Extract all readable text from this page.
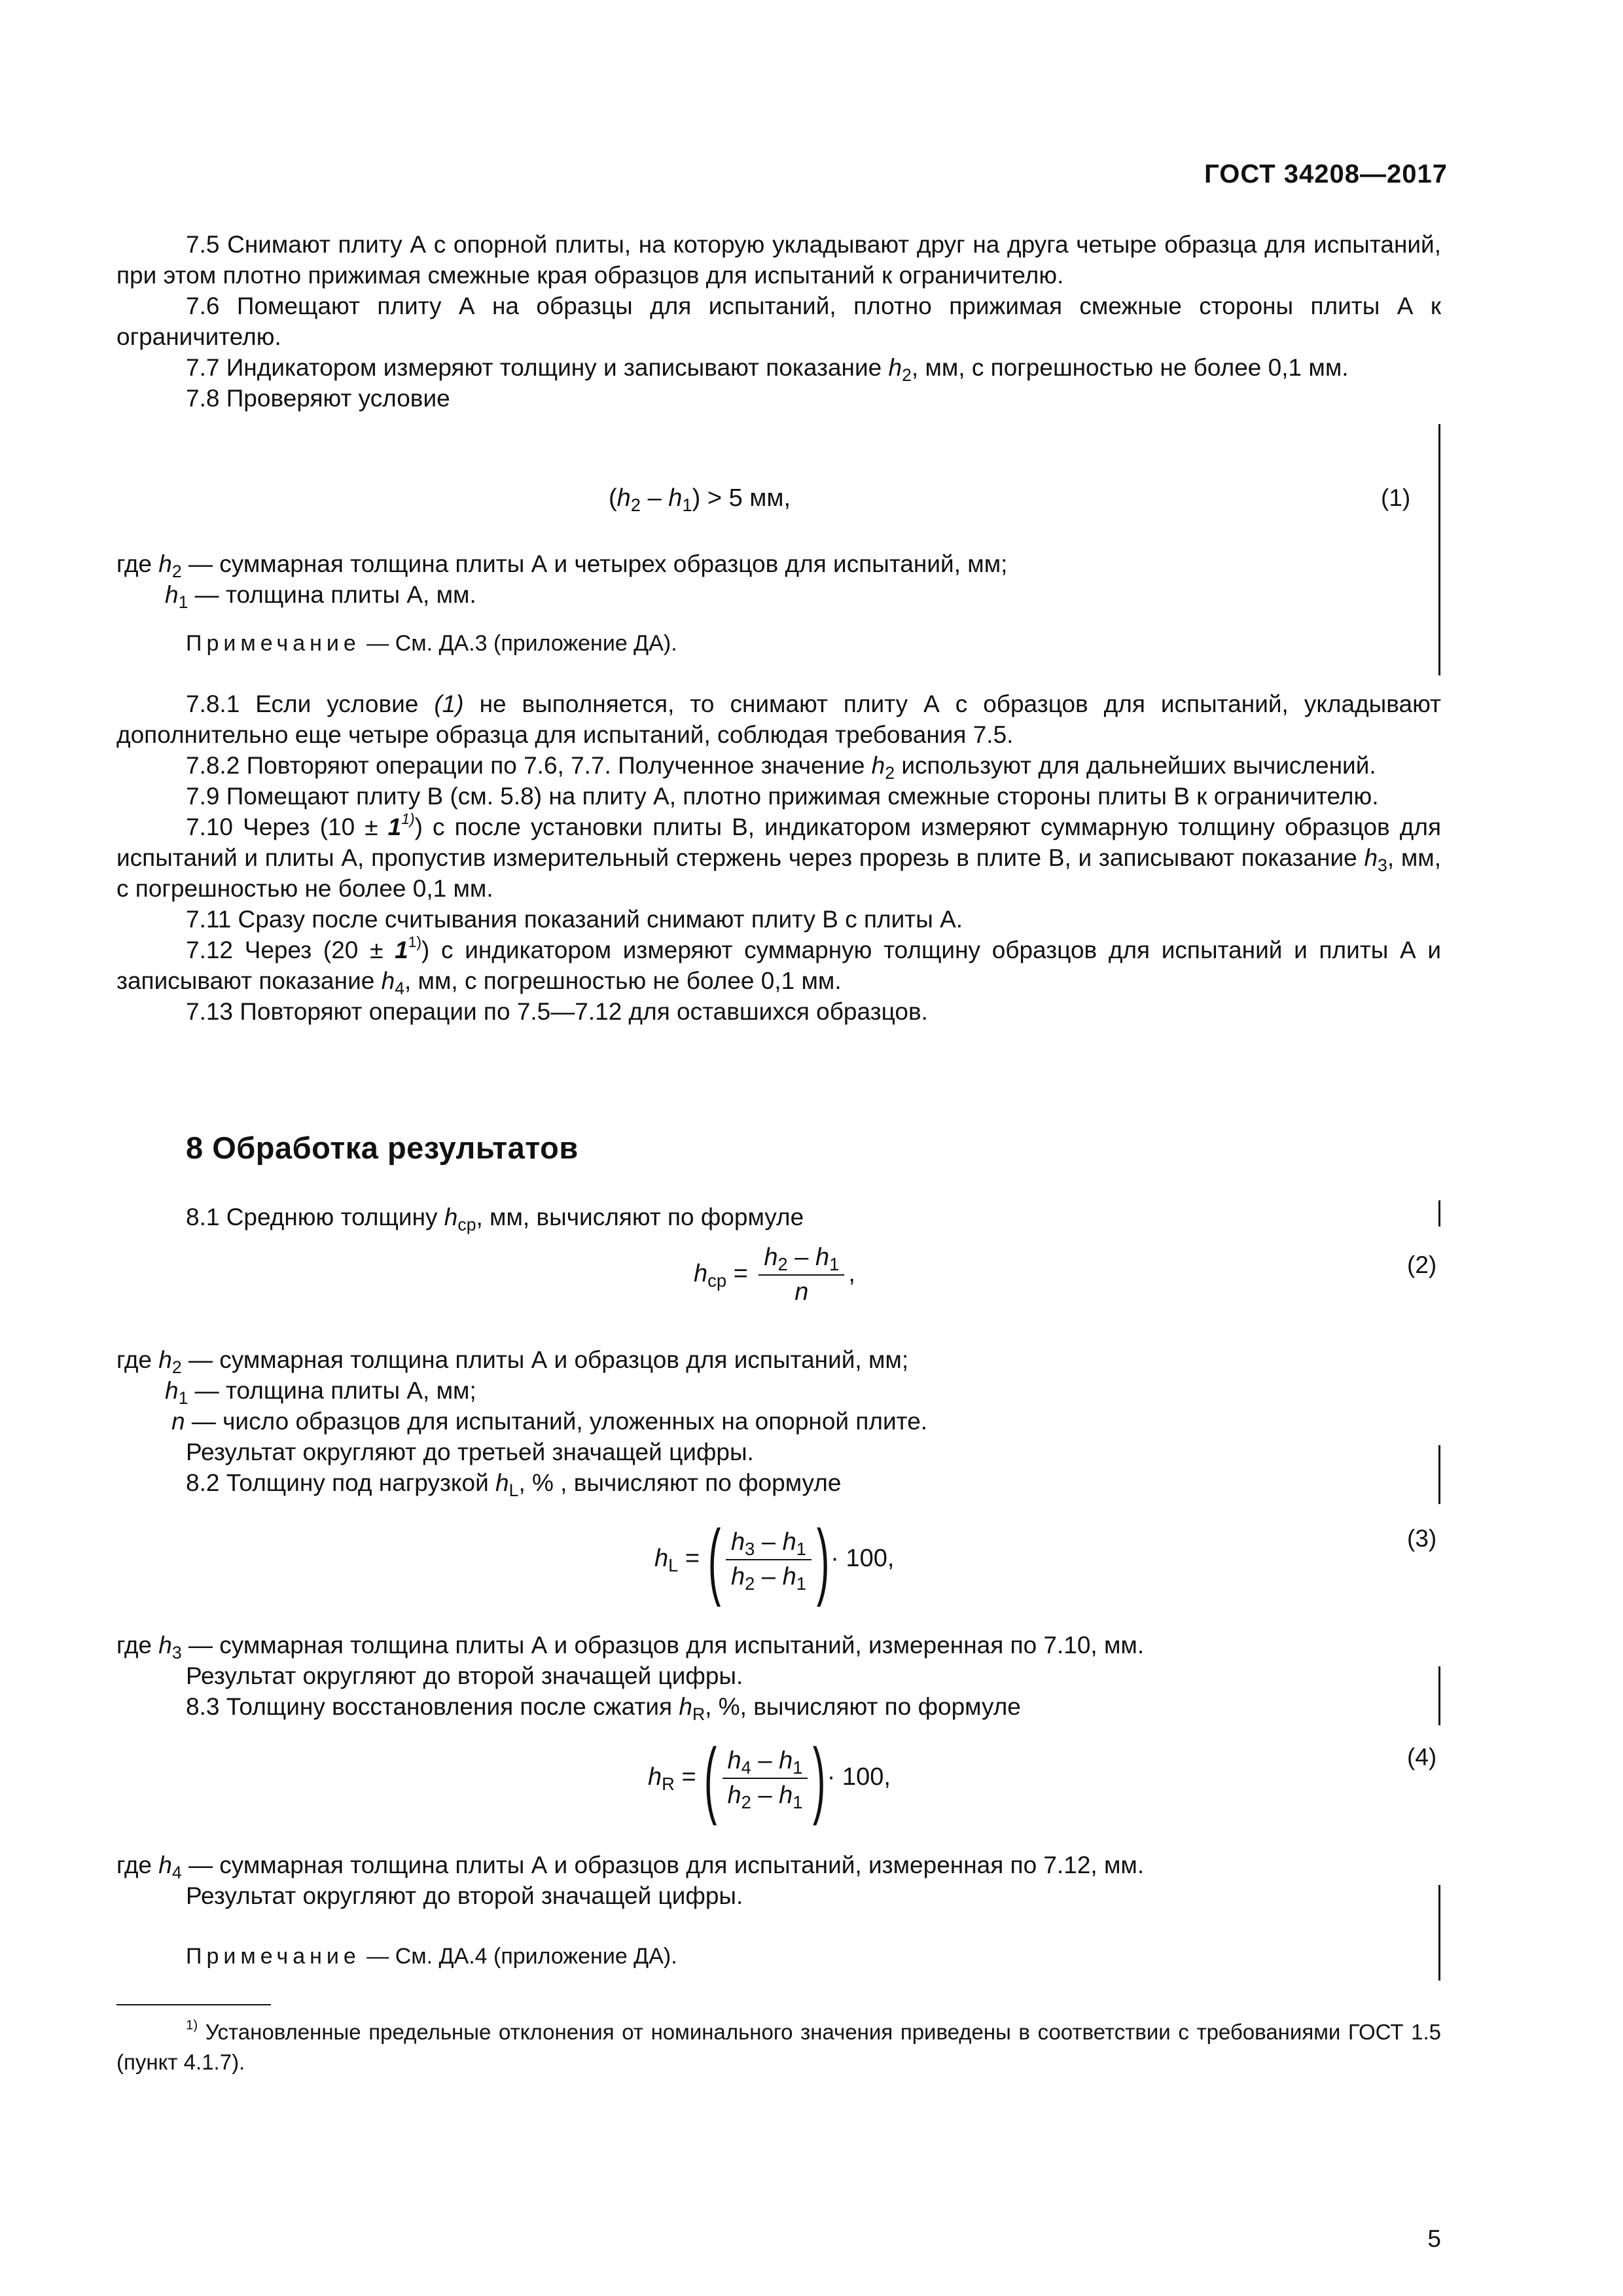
ГОСТ 34208—2017

7.5 Снимают плиту А с опорной плиты, на которую укладывают друг на друга четыре образца для испытаний, при этом плотно прижимая смежные края образцов для испытаний к ограничителю.

7.6 Помещают плиту А на образцы для испытаний, плотно прижимая смежные стороны плиты А к ограничителю.

7.7 Индикатором измеряют толщину и записывают показание $h_2$, мм, с погрешностью не более 0,1 мм.

7.8 Проверяют условие

$(h_2 - h_1) > 5$ мм,	(1)

где $h_2$ — суммарная толщина плиты А и четырех образцов для испытаний, мм;

$h_1$ — толщина плиты А, мм.

Примечание — См. ДА.3 (приложение ДА).

7.8.1 Если условие (1) не выполняется, то снимают плиту А с образцов для испытаний, укладывают дополнительно еще четыре образца для испытаний, соблюдая требования 7.5.

7.8.2 Повторяют операции по 7.6, 7.7. Полученное значение $h_2$ используют для дальнейших вычислений.

7.9 Помещают плиту В (см. 5.8) на плиту А, плотно прижимая смежные стороны плиты В к ограничителю.

7.10 Через $(10 \pm 1^{1)})$ с после установки плиты В, индикатором измеряют суммарную толщину образцов для испытаний и плиты А, пропустив измерительный стержень через прорезь в плите В, и записывают показание $h_3$, мм, с погрешностью не более 0,1 мм.

7.11 Сразу после считывания показаний снимают плиту В с плиты А.

7.12 Через $(20 \pm 1^{1)})$ с индикатором измеряют суммарную толщину образцов для испытаний и плиты А и записывают показание $h_4$, мм, с погрешностью не более 0,1 мм.

7.13 Повторяют операции по 7.5—7.12 для оставшихся образцов.

8 Обработка результатов

8.1 Среднюю толщину $h_{ср}$, мм, вычисляют по формуле

$h_{ср} = \frac{h_2 - h_1}{n}$ ,	(2)

где $h_2$ — суммарная толщина плиты А и образцов для испытаний, мм;

$h_1$ — толщина плиты А, мм;

n — число образцов для испытаний, уложенных на опорной плите.

Результат округляют до третьей значащей цифры.

8.2 Толщину под нагрузкой $h_L$, % , вычисляют по формуле

$h_L$ = ( $\frac{h_3 - h_1}{h_2 - h_1}$ )· 100,
(3)

где $h_3$ — суммарная толщина плиты А и образцов для испытаний, измеренная по 7.10, мм.

Результат округляют до второй значащей цифры.

8.3 Толщину восстановления после сжатия $h_R$, %, вычисляют по формуле

$h_R$ = ( $\frac{h_4 - h_1}{h_2 - h_1}$ )· 100,
(4)

где $h_4$ — суммарная толщина плиты А и образцов для испытаний, измеренная по 7.12, мм.

Результат округляют до второй значащей цифры.

Примечание — См. ДА.4 (приложение ДА).

$^{1)}$ Установленные предельные отклонения от номинального значения приведены в соответствии с требованиями ГОСТ 1.5 (пункт 4.1.7).

5
